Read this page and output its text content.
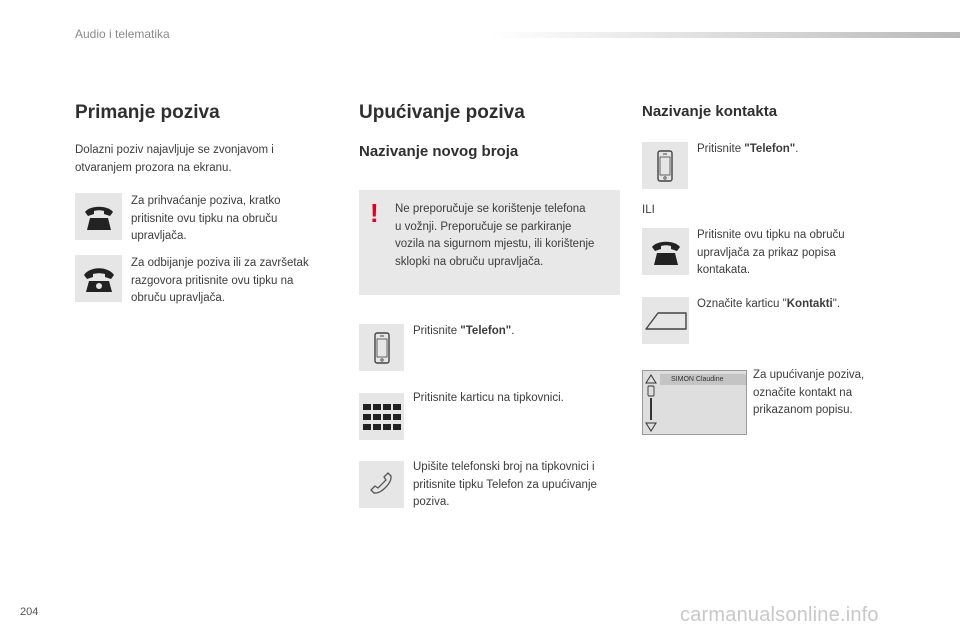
Audio i telematika
Primanje poziva
Dolazni poziv najavljuje se zvonjavom i
otvaranjem prozora na ekranu.
Za prihvaćanje poziva, kratko
pritisnite ovu tipku na obruču
upravljača.
Za odbijanje poziva ili za završetak
razgovora pritisnite ovu tipku na
obruču upravljača.
Upućivanje poziva
Nazivanje novog broja
! Ne preporučuje se korištenje telefona
u vožnji. Preporučuje se parkiranje
vozila na sigurnom mjestu, ili korištenje
sklopki na obruču upravljača.
Pritisnite "Telefon".
Pritisnite karticu na tipkovnici.
Upišite telefonski broj na tipkovnici i
pritisnite tipku Telefon za upućivanje
poziva.
Nazivanje kontakta
Pritisnite "Telefon".
ILI
Pritisnite ovu tipku na obruču
upravljača za prikaz popisa
kontakata.
Označite karticu "Kontakti".
SIMON Claudine	Za upućivanje poziva,
označite kontakt na
prikazanom popisu.
204	carmanualsonline.info
